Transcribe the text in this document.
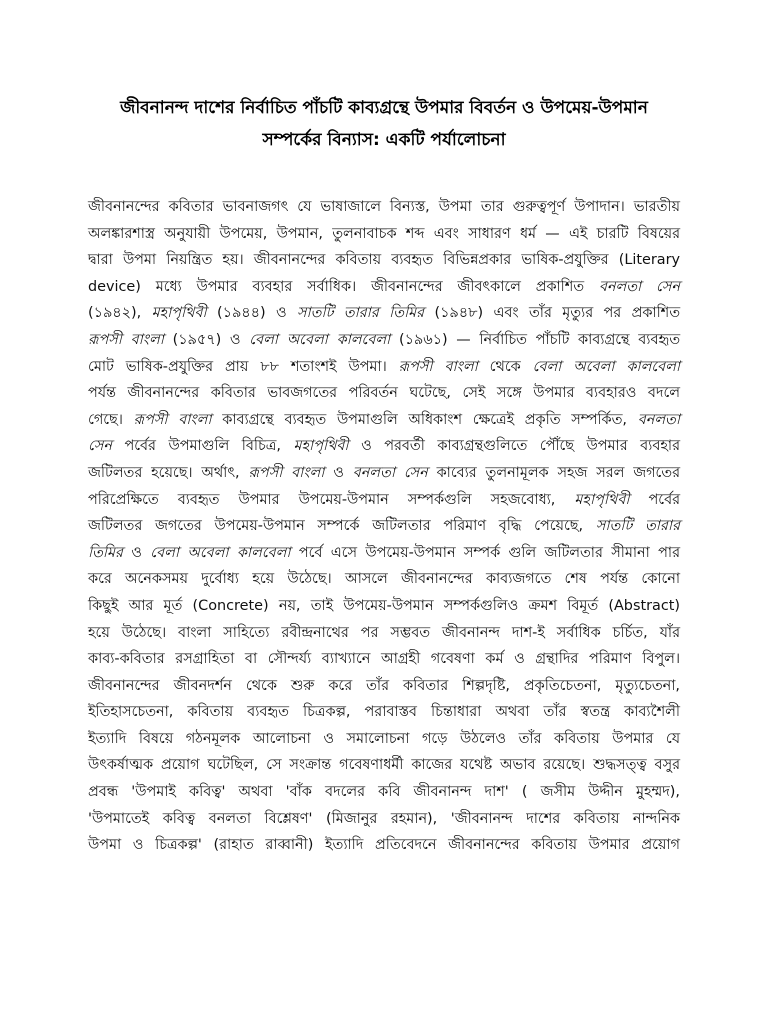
জীবনানন্দ দাশের নির্বাচিত পাঁচটি কাব্যগ্রন্থে উপমার বিবর্তন ও উপমেয়-উপমান
সম্পর্কের বিন্যাস: একটি পর্যালোচনা
জীবনানন্দের কবিতার ভাবনাজগৎ যে ভাষাজালে বিন্যস্ত, উপমা তার গুরুত্বপূর্ণ উপাদান। ভারতীয়
অলঙ্কারশাস্ত্র অনুযায়ী উপমেয়, উপমান, তুলনাবাচক শব্দ এবং সাধারণ ধর্ম — এই চারটি বিষয়ের
দ্বারা উপমা নিয়ন্ত্রিত হয়। জীবনানন্দের কবিতায় ব্যবহৃত বিভিন্নপ্রকার ভাষিক-প্রযুক্তির (Literary
device) মধ্যে উপমার ব্যবহার সর্বাধিক। জীবনানন্দের জীবৎকালে প্রকাশিত বনলতা সেন
(১৯৪২), মহাপৃথিবী (১৯৪৪) ও সাতটি তারার তিমির (১৯৪৮) এবং তাঁর মৃত্যুর পর প্রকাশিত
রূপসী বাংলা (১৯৫৭) ও বেলা অবেলা কালবেলা (১৯৬১) — নির্বাচিত পাঁচটি কাব্যগ্রন্থে ব্যবহৃত
মোট ভাষিক-প্রযুক্তির প্রায় ৮৮ শতাংশই উপমা। রূপসী বাংলা থেকে বেলা অবেলা কালবেলা
পর্যন্ত জীবনানন্দের কবিতার ভাবজগতের পরিবর্তন ঘটেছে, সেই সঙ্গে উপমার ব্যবহারও বদলে
গেছে। রূপসী বাংলা কাব্যগ্রন্থে ব্যবহৃত উপমাগুলি অধিকাংশ ক্ষেত্রেই প্রকৃতি সম্পর্কিত, বনলতা
সেন পর্বের উপমাগুলি বিচিত্র, মহাপৃথিবী ও পরবর্তী কাব্যগ্রন্থগুলিতে পৌঁছে উপমার ব্যবহার
জটিলতর হয়েছে। অর্থাৎ, রূপসী বাংলা ও বনলতা সেন কাব্যের তুলনামূলক সহজ সরল জগতের
পরিপ্রেক্ষিতে ব্যবহৃত উপমার উপমেয়-উপমান সম্পর্কগুলি সহজবোধ্য, মহাপৃথিবী পর্বের
জটিলতর জগতের উপমেয়-উপমান সম্পর্কে জটিলতার পরিমাণ বৃদ্ধি পেয়েছে, সাতটি তারার
তিমির ও বেলা অবেলা কালবেলা পর্বে এসে উপমেয়-উপমান সম্পর্ক গুলি জটিলতার সীমানা পার
করে অনেকসময় দুর্বোধ্য হয়ে উঠেছে। আসলে জীবনানন্দের কাব্যজগতে শেষ পর্যন্ত কোনো
কিছুই আর মূর্ত (Concrete) নয়, তাই উপমেয়-উপমান সম্পর্কগুলিও ক্রমশ বিমূর্ত (Abstract)
হয়ে উঠেছে। বাংলা সাহিত্যে রবীন্দ্রনাথের পর সম্ভবত জীবনানন্দ দাশ-ই সর্বাধিক চর্চিত, যাঁর
কাব্য-কবিতার রসগ্রাহিতা বা সৌন্দর্য্য ব্যাখ্যানে আগ্রহী গবেষণা কর্ম ও গ্রন্থাদির পরিমাণ বিপুল।
জীবনানন্দের জীবনদর্শন থেকে শুরু করে তাঁর কবিতার শিল্পদৃষ্টি, প্রকৃতিচেতনা, মৃত্যুচেতনা,
ইতিহাসচেতনা, কবিতায় ব্যবহৃত চিত্রকল্প, পরাবাস্তব চিন্তাধারা অথবা তাঁর স্বতন্ত্র কাব্যশৈলী
ইত্যাদি বিষয়ে গঠনমূলক আলোচনা ও সমালোচনা গড়ে উঠলেও তাঁর কবিতায় উপমার যে
উৎকর্ষাত্মক প্রয়োগ ঘটেছিল, সে সংক্রান্ত গবেষণাধর্মী কাজের যথেষ্ট অভাব রয়েছে। শুদ্ধসত্ত্ব বসুর
প্রবন্ধ 'উপমাই কবিত্ব' অথবা 'বাঁক বদলের কবি জীবনানন্দ দাশ' ( জসীম উদ্দীন মুহম্মদ),
'উপমাতেই কবিত্ব বনলতা বিশ্লেষণ' (মিজানুর রহমান), 'জীবনানন্দ দাশের কবিতায় নান্দনিক
উপমা ও চিত্রকল্প' (রাহাত রাব্বানী) ইত্যাদি প্রতিবেদনে জীবনানন্দের কবিতায় উপমার প্রয়োগ
